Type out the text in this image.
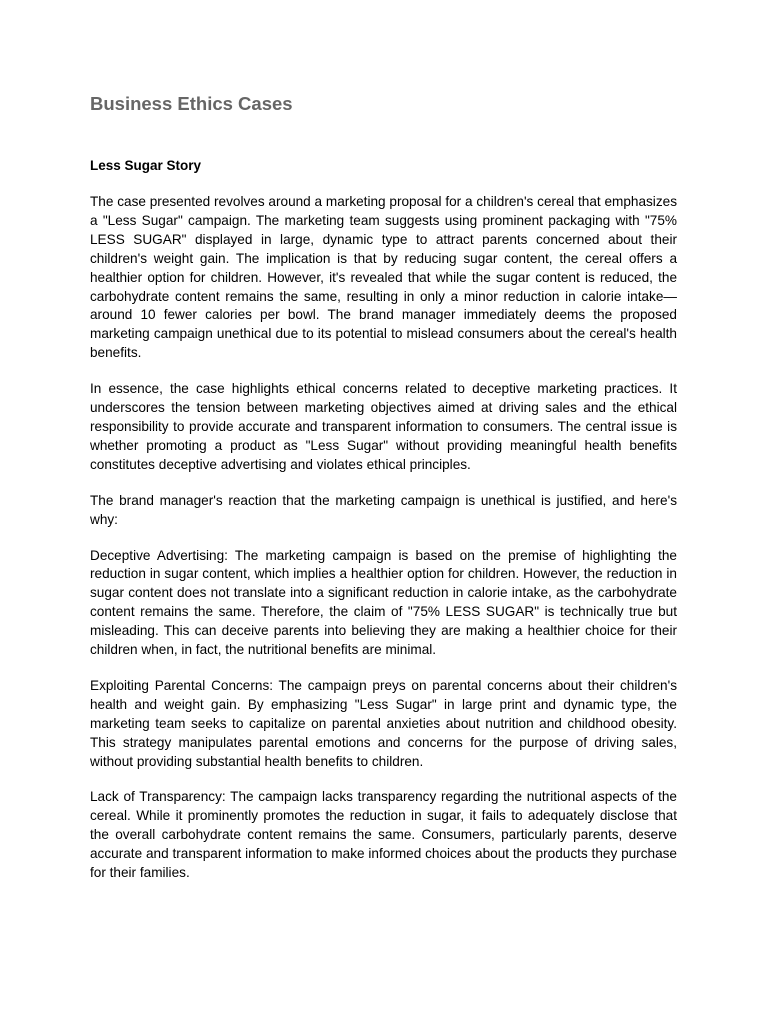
Business Ethics Cases
Less Sugar Story

The case presented revolves around a marketing proposal for a children's cereal that emphasizes a "Less Sugar" campaign. The marketing team suggests using prominent packaging with "75% LESS SUGAR" displayed in large, dynamic type to attract parents concerned about their children's weight gain. The implication is that by reducing sugar content, the cereal offers a healthier option for children. However, it's revealed that while the sugar content is reduced, the carbohydrate content remains the same, resulting in only a minor reduction in calorie intake—around 10 fewer calories per bowl. The brand manager immediately deems the proposed marketing campaign unethical due to its potential to mislead consumers about the cereal's health benefits.

In essence, the case highlights ethical concerns related to deceptive marketing practices. It underscores the tension between marketing objectives aimed at driving sales and the ethical responsibility to provide accurate and transparent information to consumers. The central issue is whether promoting a product as "Less Sugar" without providing meaningful health benefits constitutes deceptive advertising and violates ethical principles.

The brand manager's reaction that the marketing campaign is unethical is justified, and here's why:

Deceptive Advertising: The marketing campaign is based on the premise of highlighting the reduction in sugar content, which implies a healthier option for children. However, the reduction in sugar content does not translate into a significant reduction in calorie intake, as the carbohydrate content remains the same. Therefore, the claim of "75% LESS SUGAR" is technically true but misleading. This can deceive parents into believing they are making a healthier choice for their children when, in fact, the nutritional benefits are minimal.

Exploiting Parental Concerns: The campaign preys on parental concerns about their children's health and weight gain. By emphasizing "Less Sugar" in large print and dynamic type, the marketing team seeks to capitalize on parental anxieties about nutrition and childhood obesity. This strategy manipulates parental emotions and concerns for the purpose of driving sales, without providing substantial health benefits to children.

Lack of Transparency: The campaign lacks transparency regarding the nutritional aspects of the cereal. While it prominently promotes the reduction in sugar, it fails to adequately disclose that the overall carbohydrate content remains the same. Consumers, particularly parents, deserve accurate and transparent information to make informed choices about the products they purchase for their families.
